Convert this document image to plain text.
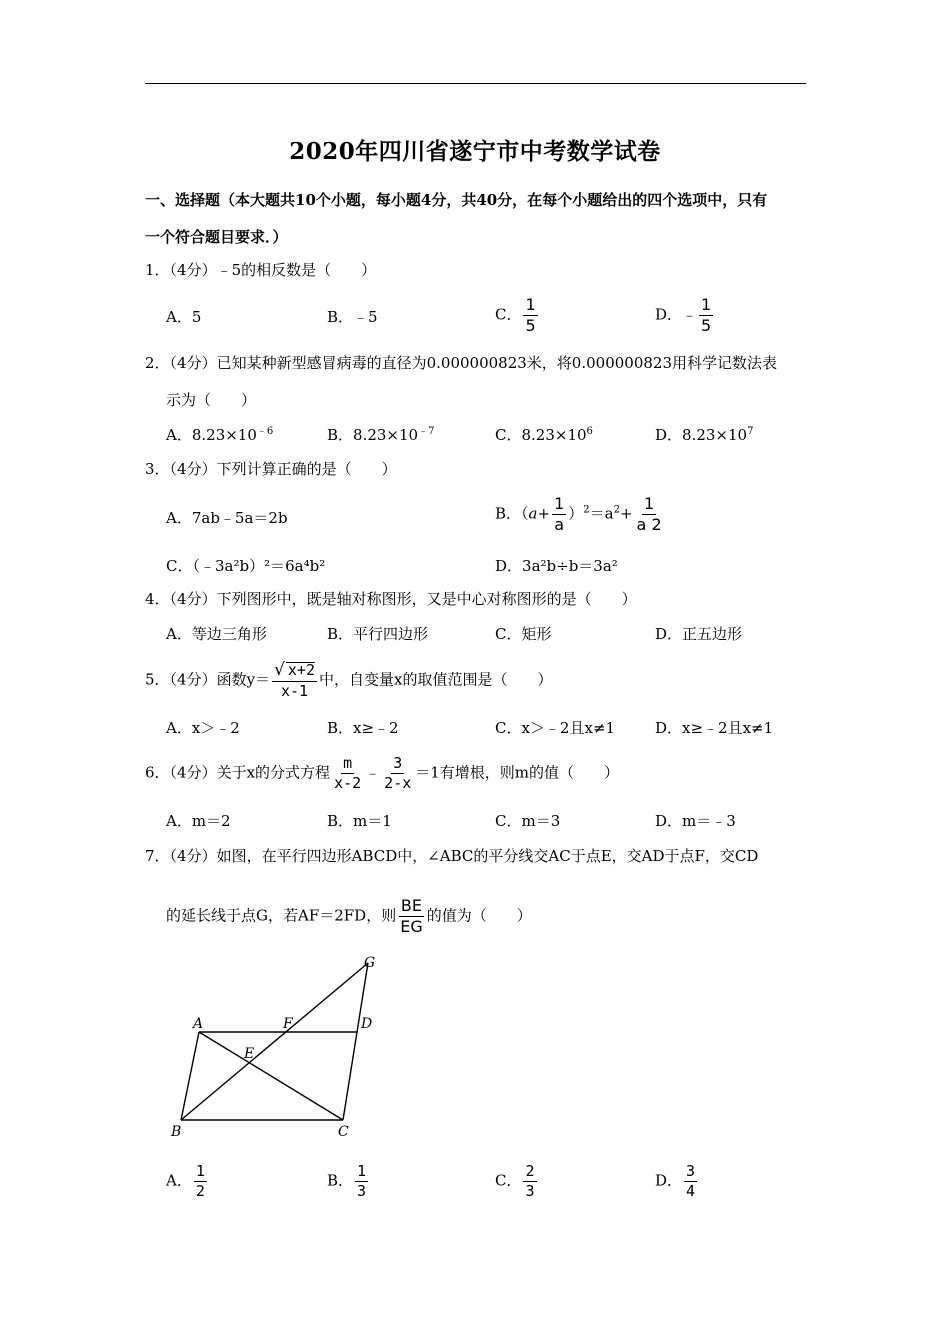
2020年四川省遂宁市中考数学试卷
一、选择题（本大题共10个小题，每小题4分，共40分，在每个小题给出的四个选项中，只有
一个符合题目要求．）
1．（4分）﹣5的相反数是（　　）
A．5	B．﹣5	C． $\frac{1}{5}$	D．﹣ $\frac{1}{5}$
2．（4分）已知某种新型感冒病毒的直径为0.000000823米，将0.000000823用科学记数法表
示为（　　）
A．$8.23\times 10^{﹣6}$	B．$8.23\times 10^{﹣7}$	C．$8.23\times 10^6$	D．$8.23\times 10^7$
3．（4分）下列计算正确的是（　　）
A．7ab﹣5a＝2b	B．$(a+ \frac{1}{a} )^2=a^2+ \frac{1}{a 2}$
C．（﹣3a²b）²＝6a⁴b²	D．3a²b÷b＝3a²
4．（4分）下列图形中，既是轴对称图形，又是中心对称图形的是（　　）
A．等边三角形	B．平行四边形	C．矩形	D．正五边形
5．（4分）函数$y= \frac{√ x+2}{x-1}$ 中，自变量x的取值范围是（　　）
A．x＞﹣2	B．x≥﹣2	C．x＞﹣2且x≠1	D．x≥﹣2且x≠1
6．（4分）关于x的分式方程 $\frac{m}{x-2}$ ﹣ $\frac{3}{2-x} =1$有增根，则m的值（　　）
A．m＝2	B．m＝1	C．m＝3	D．m＝﹣3
7．（4分）如图，在平行四边形ABCD中，∠ABC的平分线交AC于点E，交AD于点F，交CD
的延长线于点G，若AF＝2FD，则 $\frac{BE}{EG}$ 的值为（　　）
G
A	F	D
E
B	C
A． $\frac{1}{2}$	B． $\frac{1}{3}$	C． $\frac{2}{3}$	D． $\frac{3}{4}$
